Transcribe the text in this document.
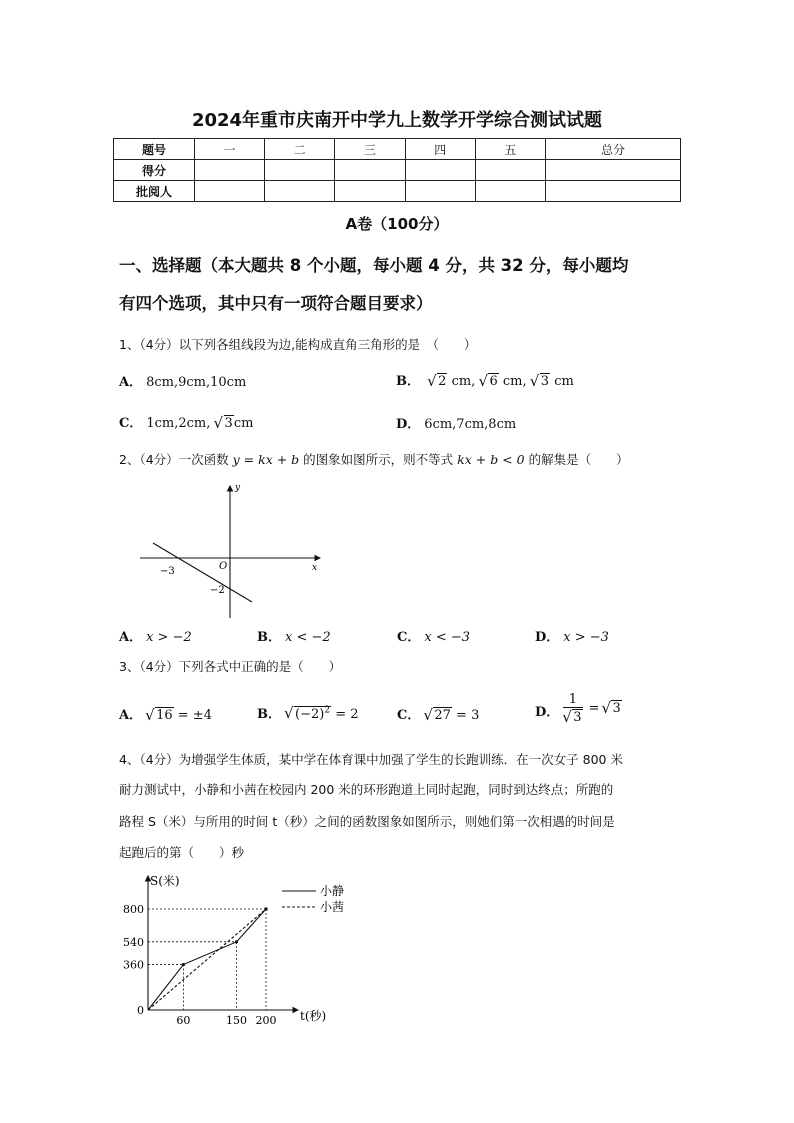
2024年重市庆南开中学九上数学开学综合测试试题
题号	一	二	三	四	五	总分
得分						
批阅人						
A卷（100分）
一、选择题（本大题共 8 个小题，每小题 4 分，共 32 分，每小题均
有四个选项，其中只有一项符合题目要求）
1、（4分）以下列各组线段为边,能构成直角三角形的是　（　　）
A． 8cm,9cm,10cm	B． √ 2 cm, √ 6 cm, √ 3 cm
C． 1cm,2cm, √ 3cm	D． 6cm,7cm,8cm
2、（4分）一次函数 y = kx + b 的图象如图所示，则不等式 kx + b < 0 的解集是（　　）
y
x
O
−3
−2
A． x > −2	B． x < −2	C． x < −3	D． x > −3
3、（4分）下列各式中正确的是（　　）
A． √ 16 = ±4	B． √ $(-2)^2 = 2$	C． √ 27 = 3	D． 1
√ 3 =	√ 3
4、（4分）为增强学生体质，某中学在体育课中加强了学生的长跑训练．在一次女子 800 米
耐力测试中，小静和小茜在校园内 200 米的环形跑道上同时起跑，同时到达终点；所跑的
路程 S（米）与所用的时间 t（秒）之间的函数图象如图所示，则她们第一次相遇的时间是
起跑后的第（　　）秒
0
360
540
800
60	150 200
S(米)
t(秒)
小静
小茜
